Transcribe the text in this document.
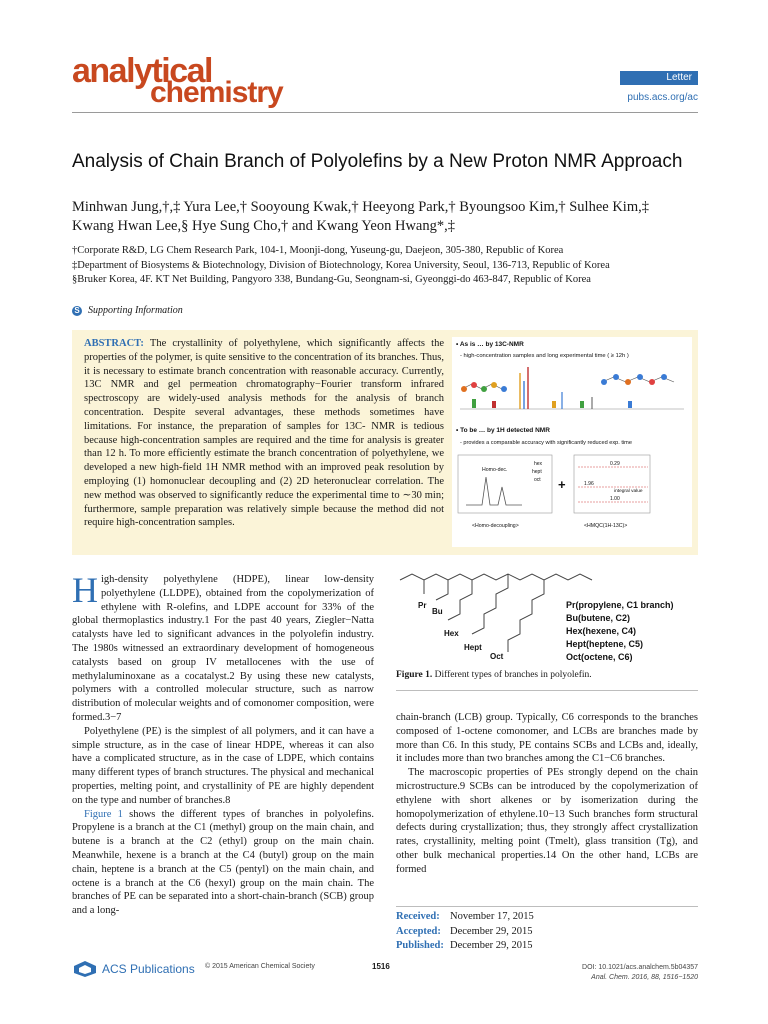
analytical
chemistry	Letter
pubs.acs.org/ac
Analysis of Chain Branch of Polyolefins by a New Proton NMR Approach
Minhwan Jung,†,‡ Yura Lee,† Sooyoung Kwak,† Heeyong Park,† Byoungsoo Kim,† Sulhee Kim,‡
Kwang Hwan Lee,§ Hye Sung Cho,† and Kwang Yeon Hwang*,‡
†Corporate R&D, LG Chem Research Park, 104-1, Moonji-dong, Yuseung-gu, Daejeon, 305-380, Republic of Korea
‡Department of Biosystems & Biotechnology, Division of Biotechnology, Korea University, Seoul, 136-713, Republic of Korea
§Bruker Korea, 4F. KT Net Building, Pangyoro 338, Bundang-Gu, Seongnam-si, Gyeonggi-do 463-847, Republic of Korea
S Supporting Information
ABSTRACT: The crystallinity of polyethylene, which significantly affects the properties of the polymer, is quite sensitive to the concentration of its branches. Thus, it is necessary to estimate branch concentration with reasonable accuracy. Currently, 13C NMR and gel permeation chromatography−Fourier transform infrared spectroscopy are widely-used analysis methods for the analysis of branch concentration. Despite several advantages, these methods sometimes have limitations. For instance, the preparation of samples for 13C- NMR is tedious because high-concentration samples are required and the time for analysis is greater than 12 h. To more efficiently estimate the branch concentration of polyethylene, we developed a new high-field 1H NMR method with an improved peak resolution by employing (1) homonuclear decoupling and (2) 2D heteronuclear correlation. The new method was observed to significantly reduce the experimental time to ∼30 min; furthermore, sample preparation was relatively simple because the method did not require high-concentration samples.
• As is … by 13C-NMR
- high-concentration samples and long experimental time ( ≥ 12h )
• To be … by 1H detected NMR
- provides a comparable accuracy with significantly reduced exp. time
Homo-dec.
hex
hept
oct
<Homo-decoupling>
+
0.29
1.96
integral value
1.00
<HMQC(1H-13C)>

High-density polyethylene (HDPE), linear low-density polyethylene (LLDPE), obtained from the copolymerization of ethylene with R-olefins, and LDPE account for 33% of the global thermoplastics industry.1 For the past 40 years, Ziegler−Natta catalysts have led to significant advances in the polyolefin industry. The 1980s witnessed an extraordinary development of homogeneous catalysts based on group IV metallocenes with the use of methylaluminoxane as a cocatalyst.2 By using these new catalysts, polymers with a controlled molecular structure, such as narrow distribution of molecular weights and of comonomer composition, were formed.3−7

Polyethylene (PE) is the simplest of all polymers, and it can have a simple structure, as in the case of linear HDPE, whereas it can also have a complicated structure, as in the case of LDPE, which contains many different types of branch structures. The physical and mechanical properties, melting point, and crystallinity of PE are highly dependent on the type and number of branches.8

Figure 1 shows the different types of branches in polyolefins. Propylene is a branch at the C1 (methyl) group on the main chain, and butene is a branch at the C2 (ethyl) group on the main chain. Meanwhile, hexene is a branch at the C4 (butyl) group on the main chain, heptene is a branch at the C5 (pentyl) on the main chain, and octene is a branch at the C6 (hexyl) group on the main chain. The branches of PE can be separated into a short-chain-branch (SCB) group and a long-

Pr
Bu
Hex
Hept
Oct
Pr(propylene, C1 branch)
Bu(butene, C2)
Hex(hexene, C4)
Hept(heptene, C5)
Oct(octene, C6)
Figure 1. Different types of branches in polyolefin.

chain-branch (LCB) group. Typically, C6 corresponds to the branches composed of 1-octene comonomer, and LCBs are branches made by more than C6. In this study, PE contains SCBs and LCBs and, ideally, it includes more than two branches among the C1−C6 branches.

The macroscopic properties of PEs strongly depend on the chain microstructure.9 SCBs can be introduced by the copolymerization of ethylene with short alkenes or by isomerization during the homopolymerization of ethylene.10−13 Such branches form structural defects during crystallization; thus, they strongly affect crystallization rates, crystallinity, melting point (Tmelt), glass transition (Tg), and other bulk mechanical properties.14 On the other hand, LCBs are formed

Received: November 17, 2015
Accepted: December 29, 2015
Published: December 29, 2015
ACS Publications © 2015 American Chemical Society	1516	DOI: 10.1021/acs.analchem.5b04357
Anal. Chem. 2016, 88, 1516−1520
